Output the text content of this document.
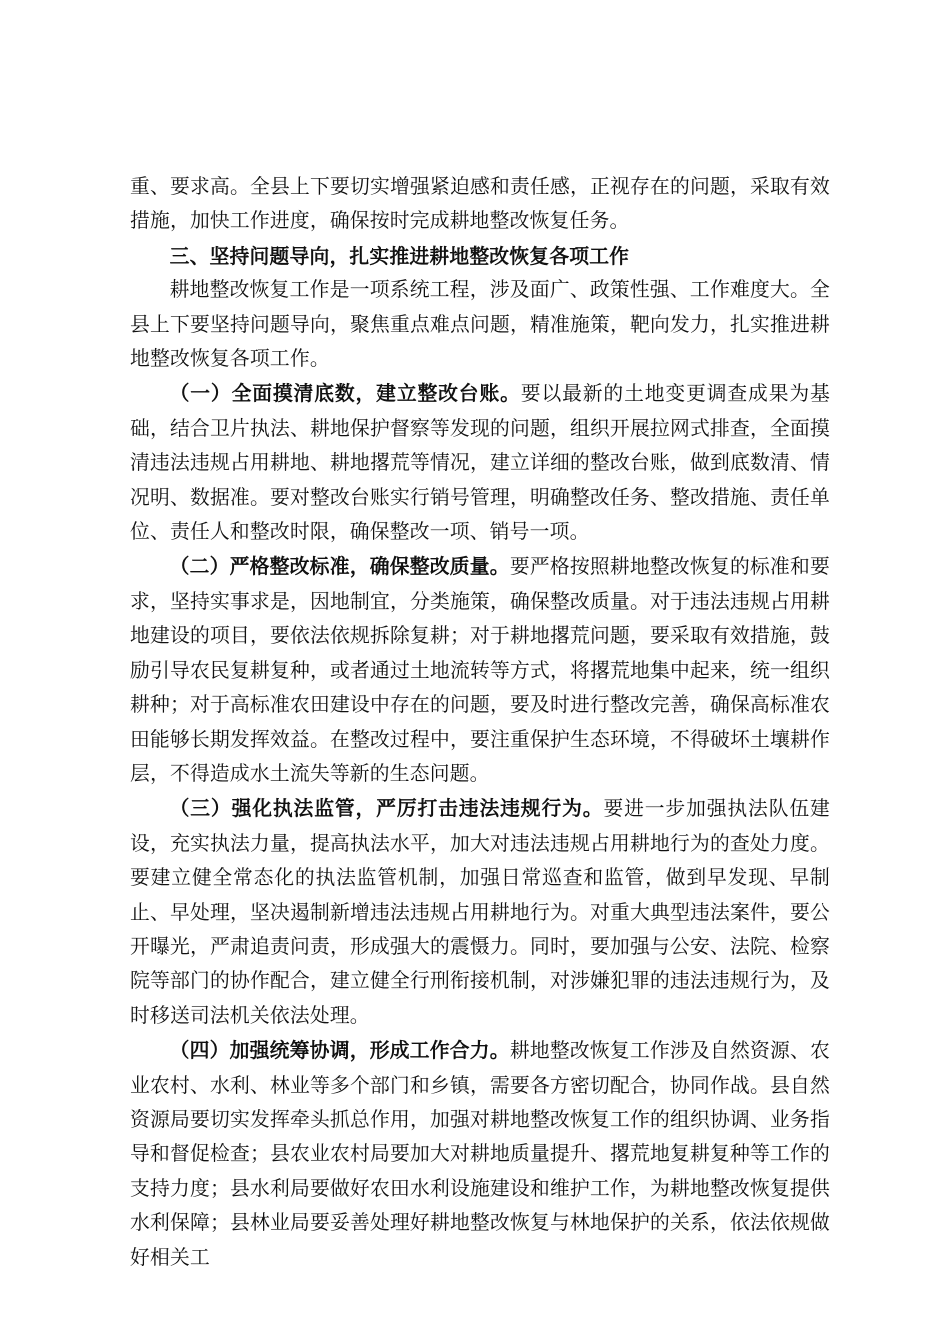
重、要求高。全县上下要切实增强紧迫感和责任感，正视存在的问题，采取有效措施，加快工作进度，确保按时完成耕地整改恢复任务。

三、坚持问题导向，扎实推进耕地整改恢复各项工作

耕地整改恢复工作是一项系统工程，涉及面广、政策性强、工作难度大。全县上下要坚持问题导向，聚焦重点难点问题，精准施策，靶向发力，扎实推进耕地整改恢复各项工作。

（一）全面摸清底数，建立整改台账。要以最新的土地变更调查成果为基础，结合卫片执法、耕地保护督察等发现的问题，组织开展拉网式排查，全面摸清违法违规占用耕地、耕地撂荒等情况，建立详细的整改台账，做到底数清、情况明、数据准。要对整改台账实行销号管理，明确整改任务、整改措施、责任单位、责任人和整改时限，确保整改一项、销号一项。

（二）严格整改标准，确保整改质量。要严格按照耕地整改恢复的标准和要求，坚持实事求是，因地制宜，分类施策，确保整改质量。对于违法违规占用耕地建设的项目，要依法依规拆除复耕；对于耕地撂荒问题，要采取有效措施，鼓励引导农民复耕复种，或者通过土地流转等方式，将撂荒地集中起来，统一组织耕种；对于高标准农田建设中存在的问题，要及时进行整改完善，确保高标准农田能够长期发挥效益。在整改过程中，要注重保护生态环境，不得破坏土壤耕作层，不得造成水土流失等新的生态问题。

（三）强化执法监管，严厉打击违法违规行为。要进一步加强执法队伍建设，充实执法力量，提高执法水平，加大对违法违规占用耕地行为的查处力度。要建立健全常态化的执法监管机制，加强日常巡查和监管，做到早发现、早制止、早处理，坚决遏制新增违法违规占用耕地行为。对重大典型违法案件，要公开曝光，严肃追责问责，形成强大的震慑力。同时，要加强与公安、法院、检察院等部门的协作配合，建立健全行刑衔接机制，对涉嫌犯罪的违法违规行为，及时移送司法机关依法处理。

（四）加强统筹协调，形成工作合力。耕地整改恢复工作涉及自然资源、农业农村、水利、林业等多个部门和乡镇，需要各方密切配合，协同作战。县自然资源局要切实发挥牵头抓总作用，加强对耕地整改恢复工作的组织协调、业务指导和督促检查；县农业农村局要加大对耕地质量提升、撂荒地复耕复种等工作的支持力度；县水利局要做好农田水利设施建设和维护工作，为耕地整改恢复提供水利保障；县林业局要妥善处理好耕地整改恢复与林地保护的关系，依法依规做好相关工
